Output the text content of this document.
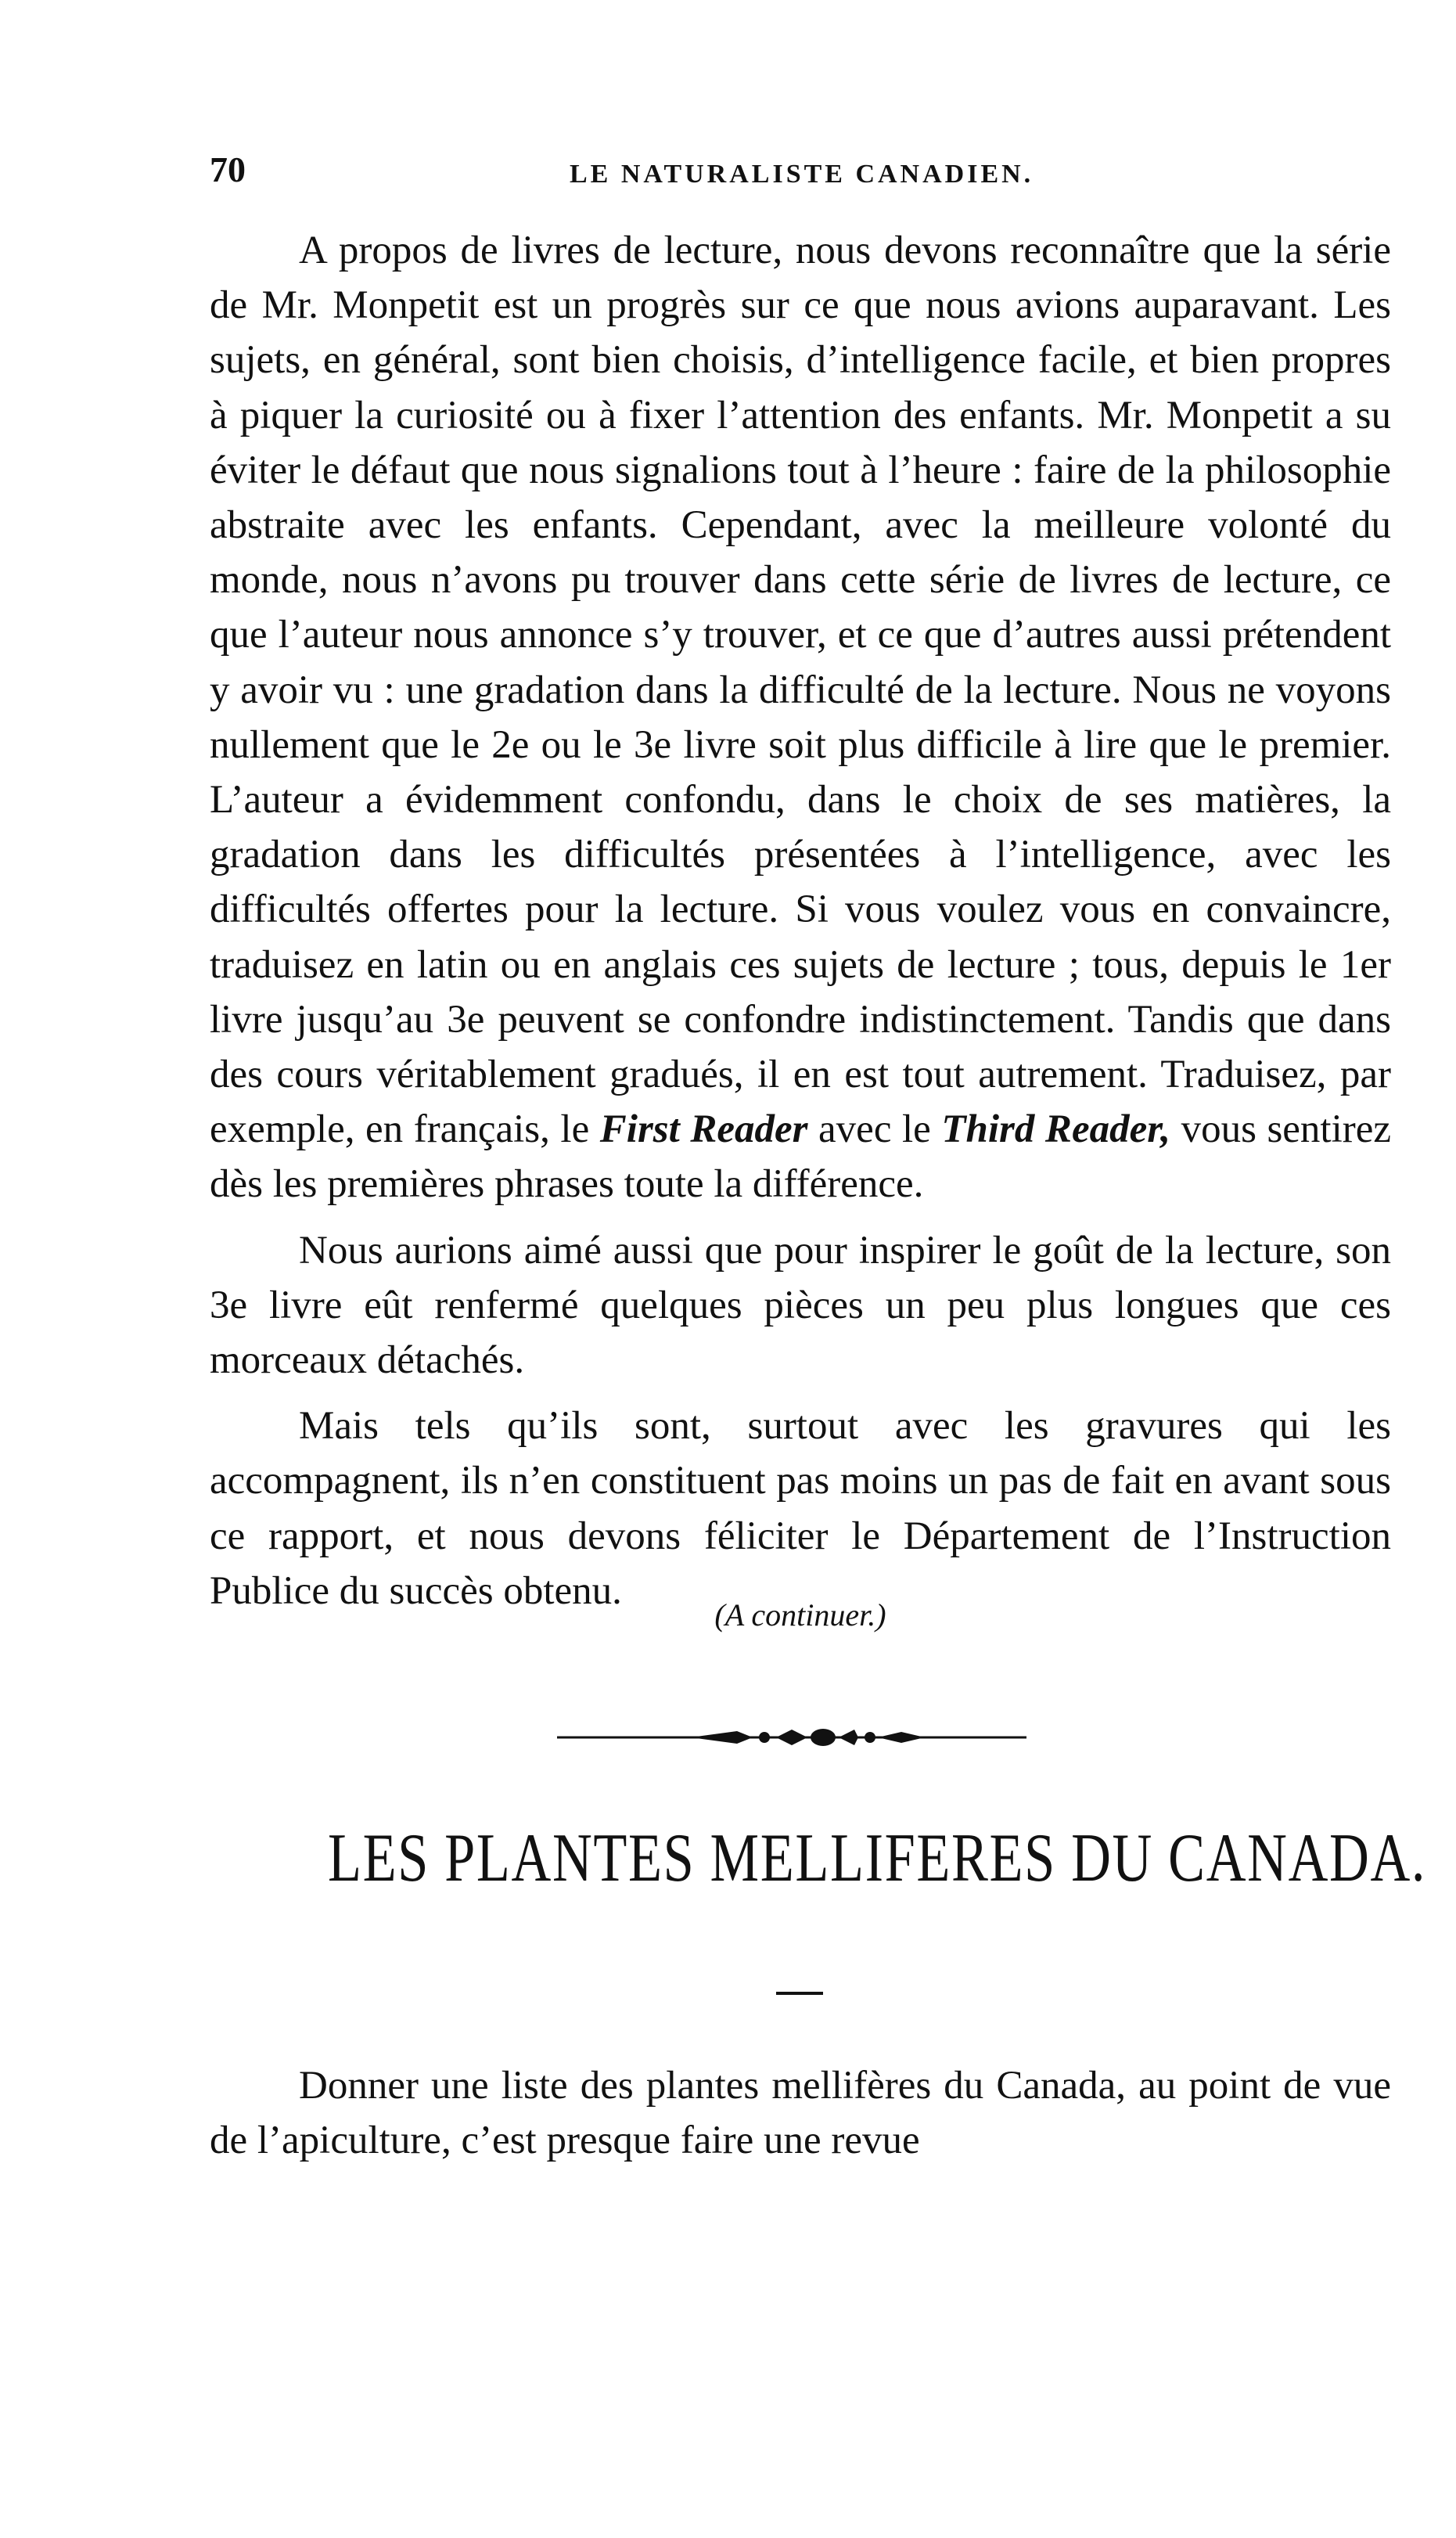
70	LE NATURALISTE CANADIEN.

A propos de livres de lecture, nous devons reconnaître que la série de Mr. Monpetit est un progrès sur ce que nous avions auparavant. Les sujets, en général, sont bien choisis, d’intelligence facile, et bien propres à piquer la curiosité ou à fixer l’attention des enfants. Mr. Monpetit a su éviter le défaut que nous signalions tout à l’heure : faire de la philosophie abstraite avec les enfants. Cependant, avec la meilleure volonté du monde, nous n’avons pu trouver dans cette série de livres de lecture, ce que l’auteur nous annonce s’y trouver, et ce que d’autres aussi prétendent y avoir vu : une gradation dans la difficulté de la lecture. Nous ne voyons nullement que le 2e ou le 3e livre soit plus difficile à lire que le premier. L’auteur a évidemment confondu, dans le choix de ses matières, la gradation dans les difficultés présentées à l’intelligence, avec les difficultés offertes pour la lecture. Si vous voulez vous en convaincre, traduisez en latin ou en anglais ces sujets de lecture ; tous, depuis le 1er livre jusqu’au 3e peuvent se confondre indistinctement. Tandis que dans des cours véritablement gradués, il en est tout autrement. Traduisez, par exemple, en français, le First Reader avec le Third Reader, vous sentirez dès les premières phrases toute la différence.

Nous aurions aimé aussi que pour inspirer le goût de la lecture, son 3e livre eût renfermé quelques pièces un peu plus longues que ces morceaux détachés.

Mais tels qu’ils sont, surtout avec les gravures qui les accompagnent, ils n’en constituent pas moins un pas de fait en avant sous ce rapport, et nous devons féliciter le Département de l’Instruction Publice du succès obtenu.

(A continuer.)
LES PLANTES MELLIFERES DU CANADA.

Donner une liste des plantes mellifères du Canada, au point de vue de l’apiculture, c’est presque faire une revue
